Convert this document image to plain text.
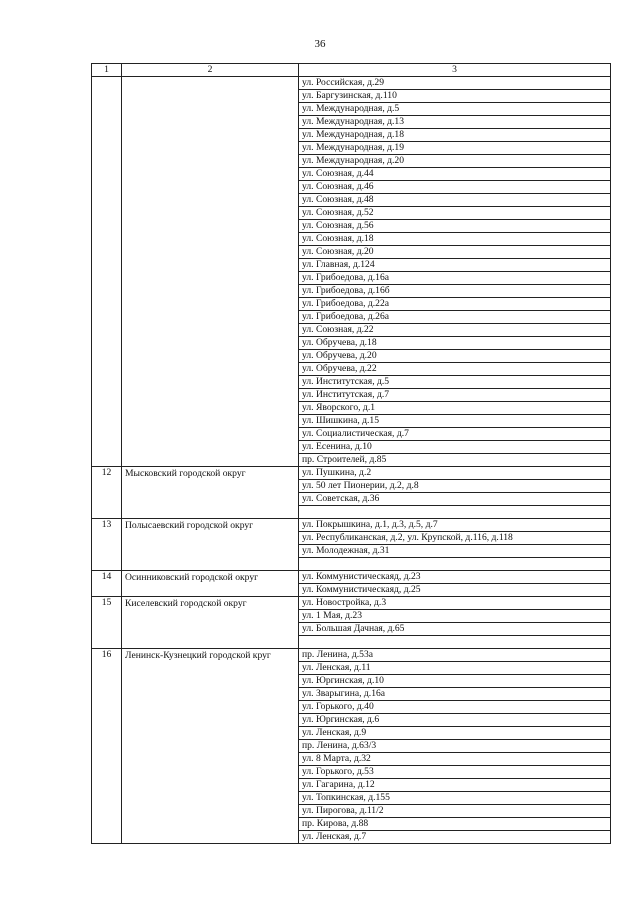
36
1	2	3
		ул. Российская, д.29
		ул. Баргузинская, д.110
		ул. Международная, д.5
		ул. Международная, д.13
		ул. Международная, д.18
		ул. Международная, д.19
		ул. Международная, д.20
		ул. Союзная, д.44
		ул. Союзная, д.46
		ул. Союзная, д.48
		ул. Союзная, д.52
		ул. Союзная, д.56
		ул. Союзная, д.18
		ул. Союзная, д.20
		ул. Главная, д.124
		ул. Грибоедова, д.16а
		ул. Грибоедова, д.16б
		ул. Грибоедова, д.22а
		ул. Грибоедова, д.26а
		ул. Союзная, д.22
		ул. Обручева, д.18
		ул. Обручева, д.20
		ул. Обручева, д.22
		ул. Институтская, д.5
		ул. Институтская, д.7
		ул. Яворского, д.1
		ул. Шишкина, д.15
		ул. Социалистическая, д.7
		ул. Есенина, д.10
		пр. Строителей, д.85
12	Мысковский городской округ	ул. Пушкина, д.2
		ул. 50 лет Пионерии, д.2, д.8
		ул. Советская, д.36

13	Полысаевский городской округ	ул. Покрышкина, д.1, д.3, д.5, д.7
		ул. Республиканская, д.2, ул. Крупской, д.116, д.118
		ул. Молодежная, д.31

14	Осинниковский городской округ	ул. Коммунистическаяд, д.23
		ул. Коммунистическаяд, д.25
15	Киселевский городской округ	ул. Новостройка, д.3
		ул. 1 Мая, д.23
		ул. Большая Дачная, д.65

16	Ленинск-Кузнецкий городской круг	пр. Ленина, д.53а
		ул. Ленская, д.11
		ул. Юргинская, д.10
		ул. Зварыгина, д.16а
		ул. Горького, д.40
		ул. Юргинская, д.6
		ул. Ленская, д.9
		пр. Ленина, д.63/3
		ул. 8 Марта, д.32
		ул. Горького, д.53
		ул. Гагарина, д.12
		ул. Топкинская, д.155
		ул. Пирогова, д.11/2
		пр. Кирова, д.88
		ул. Ленская, д.7
